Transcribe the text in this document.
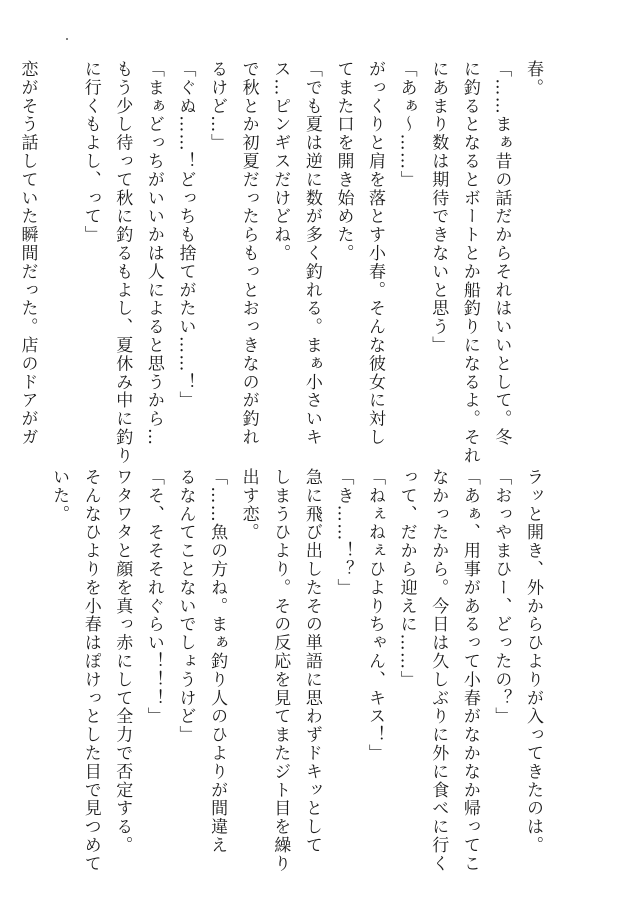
春。
「……まぁ昔の話だからそれはいいとして。冬
に釣るとなるとボートとか船釣りになるよ。それ
にあまり数は期待できないと思う」
「あぁ～……」
がっくりと肩を落とす小春。そんな彼女に対し
てまた口を開き始めた。
「でも夏は逆に数が多く釣れる。まぁ小さいキ
ス…ピンギスだけどね。
で秋とか初夏だったらもっとおっきなのが釣れ
るけど…」
「ぐぬ……！どっちも捨てがたい……！」
「まぁどっちがいいかは人によると思うから…
もう少し待って秋に釣るもよし、夏休み中に釣り
に行くもよし、って」
恋がそう話していた瞬間だった。店のドアがガ
ラッと開き、外からひよりが入ってきたのは。
「おっやまひー、どったの？」
「あぁ、用事があるって小春がなかなか帰ってこ
なかったから。今日は久しぶりに外に食べに行く
って、だから迎えに……」
「ねぇねぇひよりちゃん、キス！」
「き……！？」
急に飛び出したその単語に思わずドキッとして
しまうひより。その反応を見てまたジト目を繰り
出す恋。
「……魚の方ね。まぁ釣り人のひよりが間違え
るなんてことないでしょうけど」
「そ、そそそれぐらい！！！」
ワタワタと顔を真っ赤にして全力で否定する。
そんなひよりを小春はぽけっとした目で見つめて
いた。
